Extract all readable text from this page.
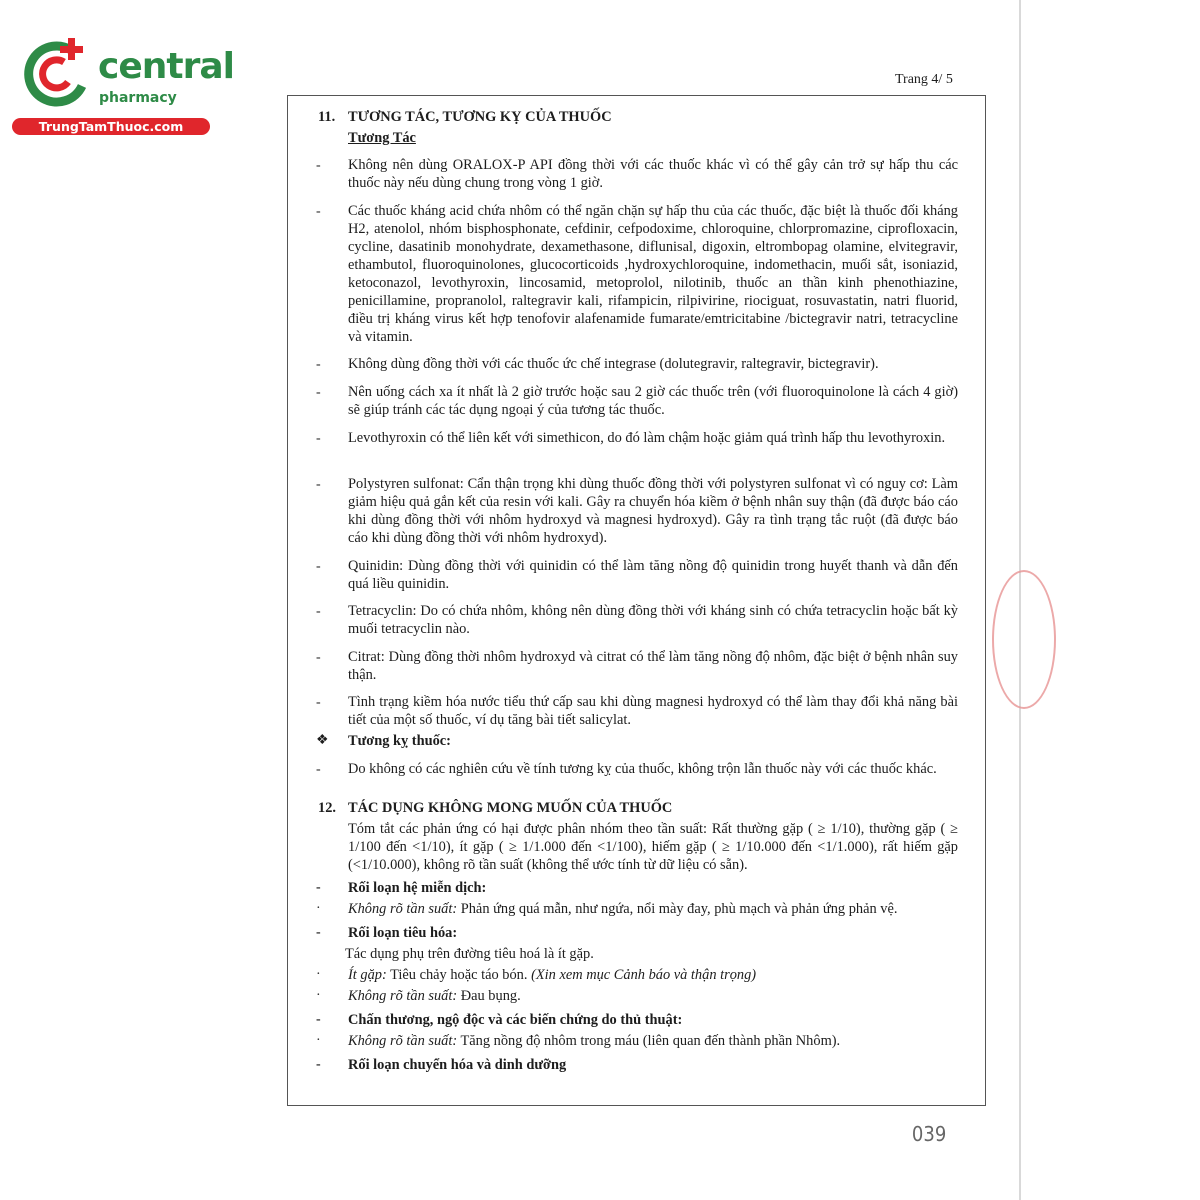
central
pharmacy
TrungTamThuoc.com
Trang 4/ 5
11. TƯƠNG TÁC, TƯƠNG KỴ CỦA THUỐC
Tương Tác
- Không nên dùng ORALOX-P API đồng thời với các thuốc khác vì có thể gây cản trở sự hấp thu các thuốc này nếu dùng chung trong vòng 1 giờ.
- Các thuốc kháng acid chứa nhôm có thể ngăn chặn sự hấp thu của các thuốc, đặc biệt là thuốc đối kháng H2, atenolol, nhóm bisphosphonate, cefdinir, cefpodoxime, chloroquine, chlorpromazine, ciprofloxacin, cycline, dasatinib monohydrate, dexamethasone, diflunisal, digoxin, eltrombopag olamine, elvitegravir, ethambutol, fluoroquinolones, glucocorticoids ,hydroxychloroquine, indomethacin, muối sắt, isoniazid, ketoconazol, levothyroxin, lincosamid, metoprolol, nilotinib, thuốc an thần kinh phenothiazine, penicillamine, propranolol, raltegravir kali, rifampicin, rilpivirine, riociguat, rosuvastatin, natri fluorid, điều trị kháng virus kết hợp tenofovir alafenamide fumarate/emtricitabine /bictegravir natri, tetracycline và vitamin.
- Không dùng đồng thời với các thuốc ức chế integrase (dolutegravir, raltegravir, bictegravir).
- Nên uống cách xa ít nhất là 2 giờ trước hoặc sau 2 giờ các thuốc trên (với fluoroquinolone là cách 4 giờ) sẽ giúp tránh các tác dụng ngoại ý của tương tác thuốc.
- Levothyroxin có thể liên kết với simethicon, do đó làm chậm hoặc giảm quá trình hấp thu levothyroxin.
- Polystyren sulfonat: Cẩn thận trọng khi dùng thuốc đồng thời với polystyren sulfonat vì có nguy cơ: Làm giảm hiệu quả gắn kết của resin với kali. Gây ra chuyển hóa kiềm ở bệnh nhân suy thận (đã được báo cáo khi dùng đồng thời với nhôm hydroxyd và magnesi hydroxyd). Gây ra tình trạng tắc ruột (đã được báo cáo khi dùng đồng thời với nhôm hydroxyd).
- Quinidin: Dùng đồng thời với quinidin có thể làm tăng nồng độ quinidin trong huyết thanh và dẫn đến quá liều quinidin.
- Tetracyclin: Do có chứa nhôm, không nên dùng đồng thời với kháng sinh có chứa tetracyclin hoặc bất kỳ muối tetracyclin nào.
- Citrat: Dùng đồng thời nhôm hydroxyd và citrat có thể làm tăng nồng độ nhôm, đặc biệt ở bệnh nhân suy thận.
- Tình trạng kiềm hóa nước tiểu thứ cấp sau khi dùng magnesi hydroxyd có thể làm thay đổi khả năng bài tiết của một số thuốc, ví dụ tăng bài tiết salicylat.
❖ Tương kỵ thuốc:
- Do không có các nghiên cứu về tính tương kỵ của thuốc, không trộn lẫn thuốc này với các thuốc khác.
12. TÁC DỤNG KHÔNG MONG MUỐN CỦA THUỐC
Tóm tắt các phản ứng có hại được phân nhóm theo tần suất: Rất thường gặp ( ≥ 1/10), thường gặp ( ≥ 1/100 đến <1/10), ít gặp ( ≥ 1/1.000 đến <1/100), hiếm gặp ( ≥ 1/10.000 đến <1/1.000), rất hiếm gặp (<1/10.000), không rõ tần suất (không thể ước tính từ dữ liệu có sẵn).
- Rối loạn hệ miễn dịch:
· Không rõ tần suất: Phản ứng quá mẫn, như ngứa, nổi mày đay, phù mạch và phản ứng phản vệ.
- Rối loạn tiêu hóa:
Tác dụng phụ trên đường tiêu hoá là ít gặp.
· Ít gặp: Tiêu chảy hoặc táo bón. (Xin xem mục Cảnh báo và thận trọng)
· Không rõ tần suất: Đau bụng.
- Chấn thương, ngộ độc và các biến chứng do thủ thuật:
· Không rõ tần suất: Tăng nồng độ nhôm trong máu (liên quan đến thành phần Nhôm).
- Rối loạn chuyển hóa và dinh dưỡng
039
